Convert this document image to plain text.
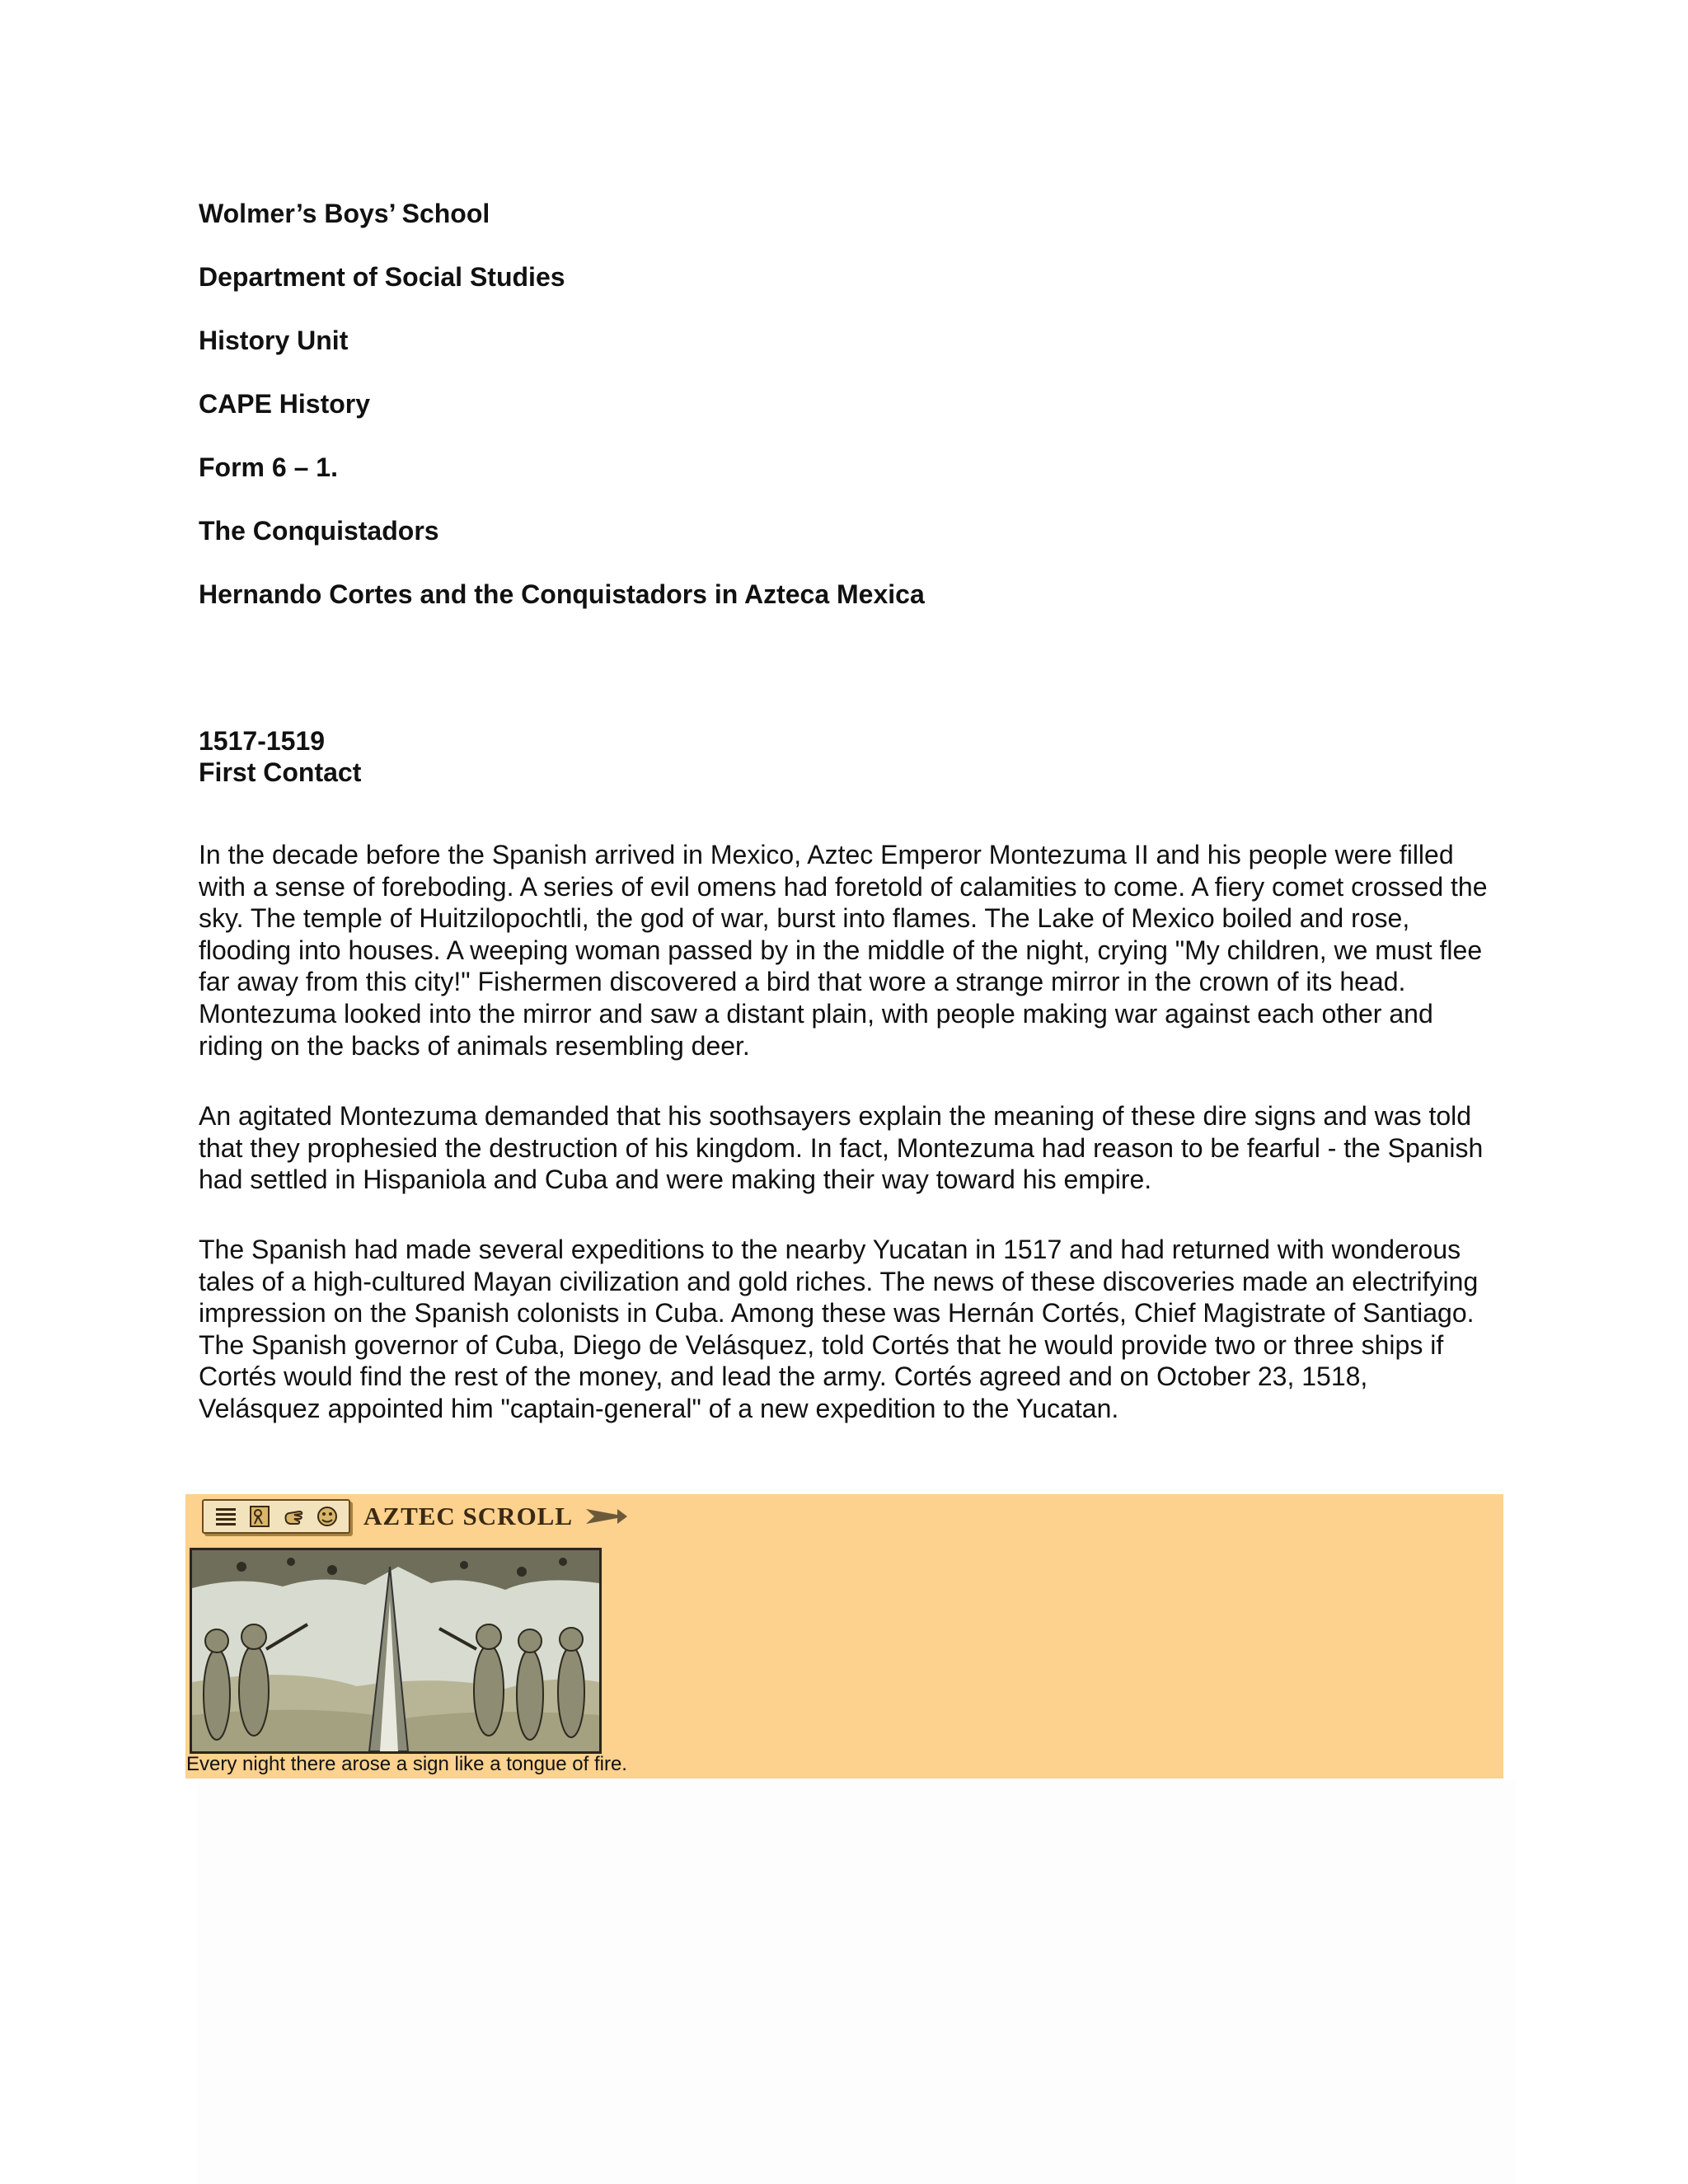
Wolmer’s Boys’ School
Department of Social Studies
History Unit
CAPE History
Form 6 – 1.
The Conquistadors
Hernando Cortes and the Conquistadors in Azteca Mexica
1517-1519
First Contact

In the decade before the Spanish arrived in Mexico, Aztec Emperor Montezuma II and his people were filled with a sense of foreboding. A series of evil omens had foretold of calamities to come. A fiery comet crossed the sky. The temple of Huitzilopochtli, the god of war, burst into flames. The Lake of Mexico boiled and rose, flooding into houses. A weeping woman passed by in the middle of the night, crying "My children, we must flee far away from this city!" Fishermen discovered a bird that wore a strange mirror in the crown of its head. Montezuma looked into the mirror and saw a distant plain, with people making war against each other and riding on the backs of animals resembling deer.

An agitated Montezuma demanded that his soothsayers explain the meaning of these dire signs and was told that they prophesied the destruction of his kingdom. In fact, Montezuma had reason to be fearful - the Spanish had settled in Hispaniola and Cuba and were making their way toward his empire.

The Spanish had made several expeditions to the nearby Yucatan in 1517 and had returned with wonderous tales of a high-cultured Mayan civilization and gold riches. The news of these discoveries made an electrifying impression on the Spanish colonists in Cuba. Among these was Hernán Cortés, Chief Magistrate of Santiago. The Spanish governor of Cuba, Diego de Velásquez, told Cortés that he would provide two or three ships if Cortés would find the rest of the money, and lead the army. Cortés agreed and on October 23, 1518, Velásquez appointed him "captain-general" of a new expedition to the Yucatan.

AZTEC SCROLL
Every night there arose a sign like a tongue of fire.
